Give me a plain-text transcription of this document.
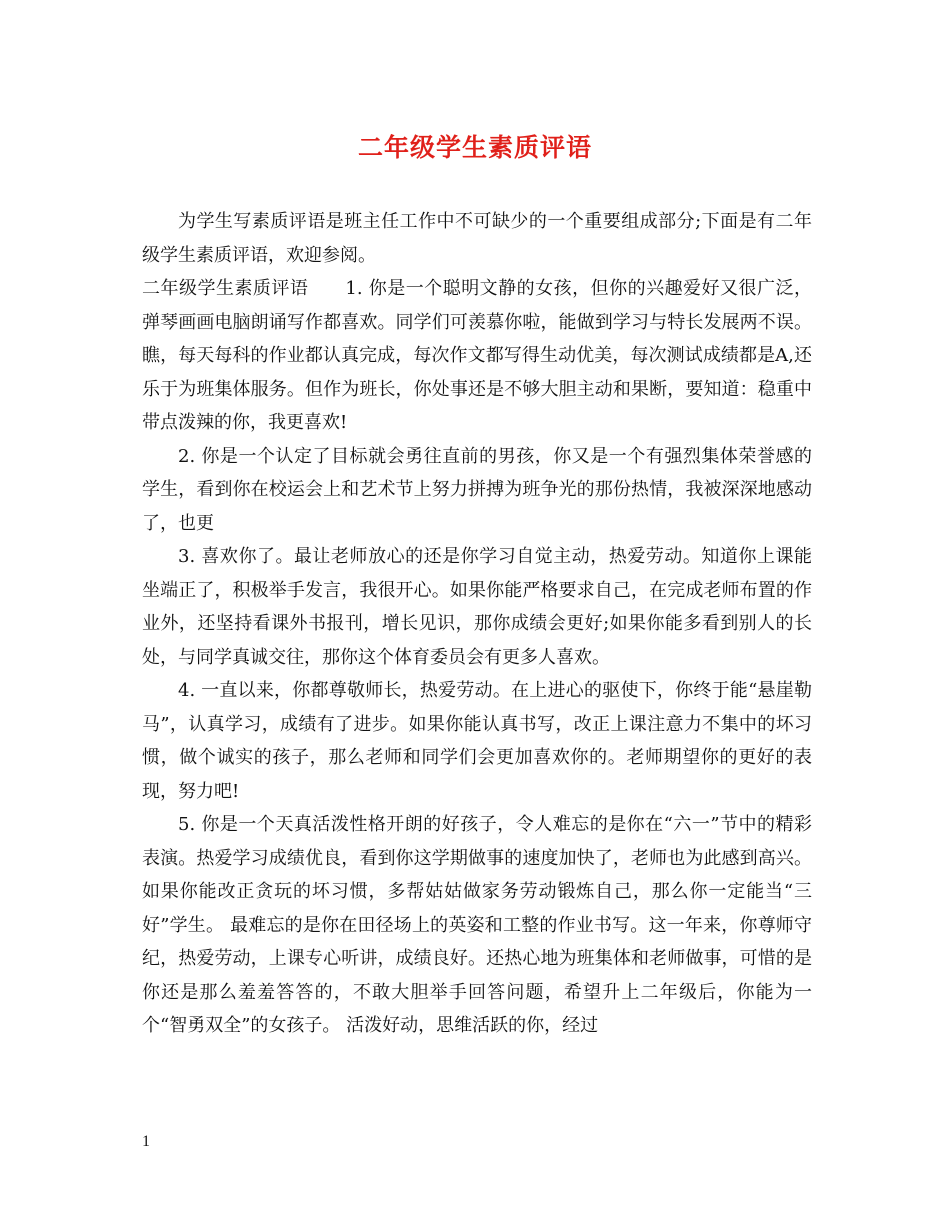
二年级学生素质评语

为学生写素质评语是班主任工作中不可缺少的一个重要组成部分;下面是有二年级学生素质评语，欢迎参阅。

二年级学生素质评语　　1. 你是一个聪明文静的女孩，但你的兴趣爱好又很广泛，弹琴画画电脑朗诵写作都喜欢。同学们可羡慕你啦，能做到学习与特长发展两不误。瞧，每天每科的作业都认真完成，每次作文都写得生动优美，每次测试成绩都是A,还乐于为班集体服务。但作为班长，你处事还是不够大胆主动和果断，要知道：稳重中带点泼辣的你，我更喜欢!

2. 你是一个认定了目标就会勇往直前的男孩，你又是一个有强烈集体荣誉感的学生，看到你在校运会上和艺术节上努力拼搏为班争光的那份热情，我被深深地感动了，也更

3. 喜欢你了。最让老师放心的还是你学习自觉主动，热爱劳动。知道你上课能坐端正了，积极举手发言，我很开心。如果你能严格要求自己，在完成老师布置的作业外，还坚持看课外书报刊，增长见识，那你成绩会更好;如果你能多看到别人的长处，与同学真诚交往，那你这个体育委员会有更多人喜欢。

4. 一直以来，你都尊敬师长，热爱劳动。在上进心的驱使下，你终于能“悬崖勒马”，认真学习，成绩有了进步。如果你能认真书写，改正上课注意力不集中的坏习惯，做个诚实的孩子，那么老师和同学们会更加喜欢你的。老师期望你的更好的表现，努力吧!

5. 你是一个天真活泼性格开朗的好孩子，令人难忘的是你在“六一”节中的精彩表演。热爱学习成绩优良，看到你这学期做事的速度加快了，老师也为此感到高兴。如果你能改正贪玩的坏习惯，多帮姑姑做家务劳动锻炼自己，那么你一定能当“三好”学生。 最难忘的是你在田径场上的英姿和工整的作业书写。这一年来，你尊师守纪，热爱劳动，上课专心听讲，成绩良好。还热心地为班集体和老师做事，可惜的是你还是那么羞羞答答的，不敢大胆举手回答问题，希望升上二年级后，你能为一个“智勇双全”的女孩子。 活泼好动，思维活跃的你，经过

1
